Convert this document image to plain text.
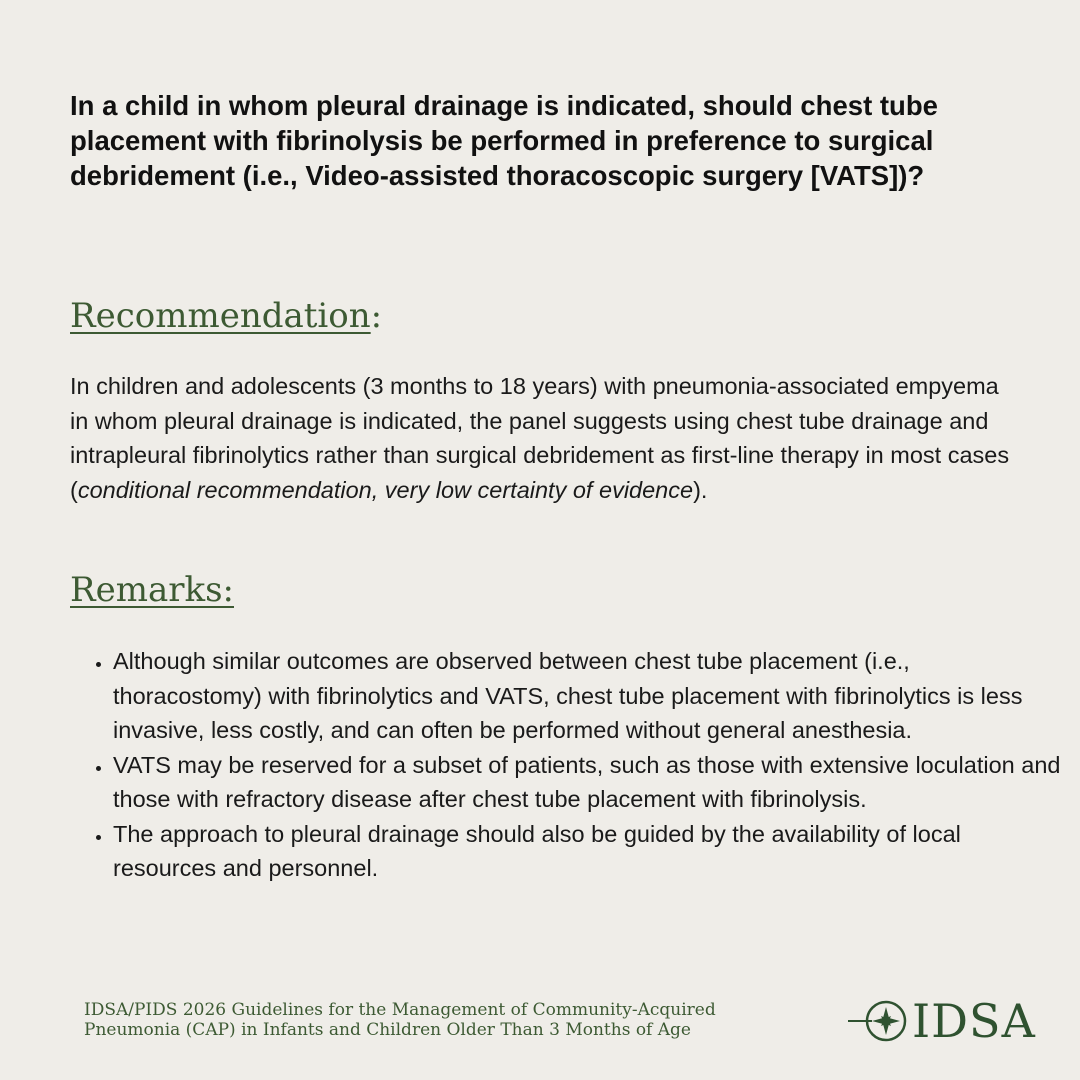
In a child in whom pleural drainage is indicated, should chest tube placement with fibrinolysis be performed in preference to surgical debridement (i.e., Video-assisted thoracoscopic surgery [VATS])?
Recommendation:
In children and adolescents (3 months to 18 years) with pneumonia-associated empyema in whom pleural drainage is indicated, the panel suggests using chest tube drainage and intrapleural fibrinolytics rather than surgical debridement as first-line therapy in most cases (conditional recommendation, very low certainty of evidence).
Remarks:
• Although similar outcomes are observed between chest tube placement (i.e., thoracostomy) with fibrinolytics and VATS, chest tube placement with fibrinolytics is less invasive, less costly, and can often be performed without general anesthesia.
• VATS may be reserved for a subset of patients, such as those with extensive loculation and those with refractory disease after chest tube placement with fibrinolysis.
• The approach to pleural drainage should also be guided by the availability of local resources and personnel.
IDSA/PIDS 2026 Guidelines for the Management of Community-Acquired
Pneumonia (CAP) in Infants and Children Older Than 3 Months of Age	IDSA
